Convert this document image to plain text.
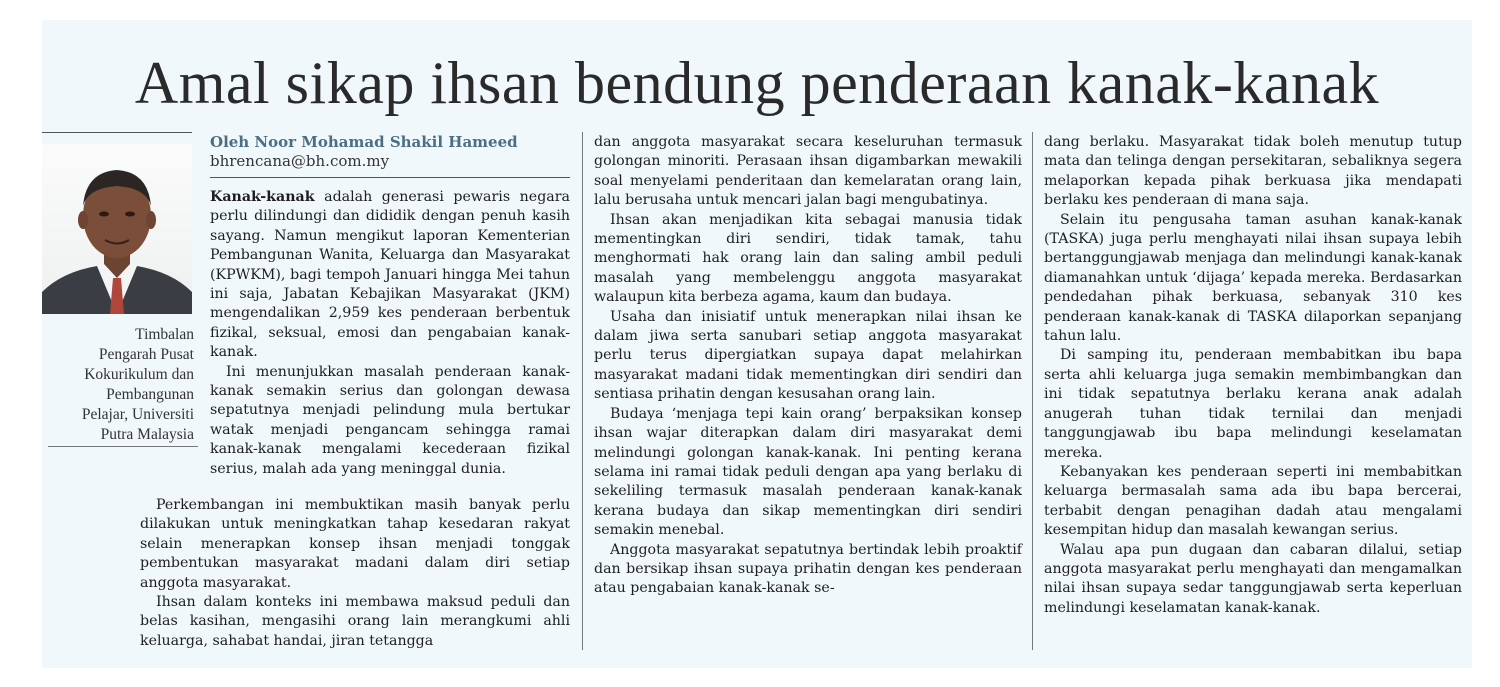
Amal sikap ihsan bendung penderaan kanak-kanak
Timbalan
Pengarah Pusat
Kokurikulum dan
Pembangunan
Pelajar, Universiti
Putra Malaysia
Oleh Noor Mohamad Shakil Hameed
bhrencana@bh.com.my

Kanak-kanak adalah generasi pewaris negara perlu dilindungi dan dididik dengan penuh kasih sayang. Namun mengikut laporan Kementerian Pembangunan Wanita, Keluarga dan Masyarakat (KPWKM), bagi tempoh Januari hingga Mei tahun ini saja, Jabatan Kebajikan Masyarakat (JKM) mengendalikan 2,959 kes penderaan berbentuk fizikal, seksual, emosi dan pengabaian kanak-kanak.

Ini menunjukkan masalah penderaan kanak-kanak semakin serius dan golongan dewasa sepatutnya menjadi pelindung mula bertukar watak menjadi pengancam sehingga ramai kanak-kanak mengalami kecederaan fizikal serius, malah ada yang meninggal dunia.

Perkembangan ini membuktikan masih banyak perlu dilakukan untuk meningkatkan tahap kesedaran rakyat selain menerapkan konsep ihsan menjadi tonggak pembentukan masyarakat madani dalam diri setiap anggota masyarakat.

Ihsan dalam konteks ini membawa maksud peduli dan belas kasihan, mengasihi orang lain merangkumi ahli keluarga, sahabat handai, jiran tetangga

dan anggota masyarakat secara keseluruhan termasuk golongan minoriti. Perasaan ihsan digambarkan mewakili soal menyelami penderitaan dan kemelaratan orang lain, lalu berusaha untuk mencari jalan bagi mengubatinya.

Ihsan akan menjadikan kita sebagai manusia tidak mementingkan diri sendiri, tidak tamak, tahu menghormati hak orang lain dan saling ambil peduli masalah yang membelenggu anggota masyarakat walaupun kita berbeza agama, kaum dan budaya.

Usaha dan inisiatif untuk menerapkan nilai ihsan ke dalam jiwa serta sanubari setiap anggota masyarakat perlu terus dipergiatkan supaya dapat melahirkan masyarakat madani tidak mementingkan diri sendiri dan sentiasa prihatin dengan kesusahan orang lain.

Budaya ‘menjaga tepi kain orang’ berpaksikan konsep ihsan wajar diterapkan dalam diri masyarakat demi melindungi golongan kanak-kanak. Ini penting kerana selama ini ramai tidak peduli dengan apa yang berlaku di sekeliling termasuk masalah penderaan kanak-kanak kerana budaya dan sikap mementingkan diri sendiri semakin menebal.

Anggota masyarakat sepatutnya bertindak lebih proaktif dan bersikap ihsan supaya prihatin dengan kes penderaan atau pengabaian kanak-kanak se-

dang berlaku. Masyarakat tidak boleh menutup tutup mata dan telinga dengan persekitaran, sebaliknya segera melaporkan kepada pihak berkuasa jika mendapati berlaku kes penderaan di mana saja.

Selain itu pengusaha taman asuhan kanak-kanak (TASKA) juga perlu menghayati nilai ihsan supaya lebih bertanggungjawab menjaga dan melindungi kanak-kanak diamanahkan untuk ‘dijaga’ kepada mereka. Berdasarkan pendedahan pihak berkuasa, sebanyak 310 kes penderaan kanak-kanak di TASKA dilaporkan sepanjang tahun lalu.

Di samping itu, penderaan membabitkan ibu bapa serta ahli keluarga juga semakin membimbangkan dan ini tidak sepatutnya berlaku kerana anak adalah anugerah tuhan tidak ternilai dan menjadi tanggungjawab ibu bapa melindungi keselamatan mereka.

Kebanyakan kes penderaan seperti ini membabitkan keluarga bermasalah sama ada ibu bapa bercerai, terbabit dengan penagihan dadah atau mengalami kesempitan hidup dan masalah kewangan serius.

Walau apa pun dugaan dan cabaran dilalui, setiap anggota masyarakat perlu menghayati dan mengamalkan nilai ihsan supaya sedar tanggungjawab serta keperluan melindungi keselamatan kanak-kanak.
